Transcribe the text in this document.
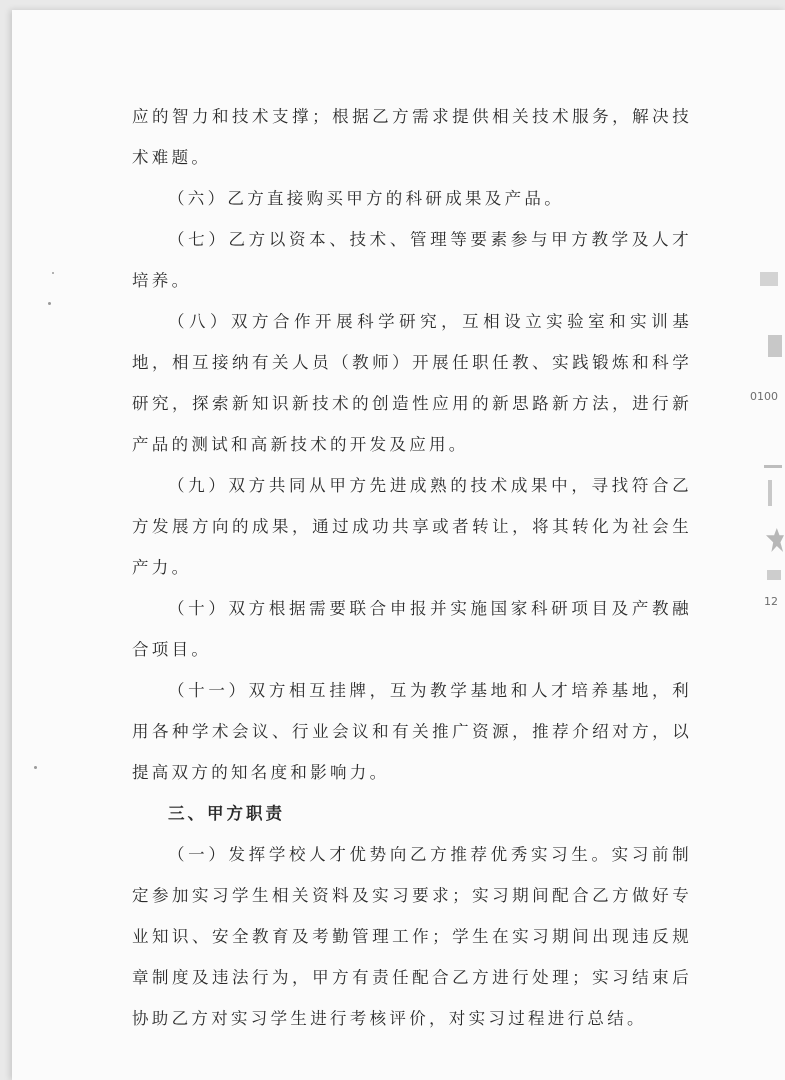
应的智力和技术支撑；根据乙方需求提供相关技术服务，解决技术难题。

（六）乙方直接购买甲方的科研成果及产品。

（七）乙方以资本、技术、管理等要素参与甲方教学及人才培养。

（八）双方合作开展科学研究，互相设立实验室和实训基地，相互接纳有关人员（教师）开展任职任教、实践锻炼和科学研究，探索新知识新技术的创造性应用的新思路新方法，进行新产品的测试和高新技术的开发及应用。

（九）双方共同从甲方先进成熟的技术成果中，寻找符合乙方发展方向的成果，通过成功共享或者转让，将其转化为社会生产力。

（十）双方根据需要联合申报并实施国家科研项目及产教融合项目。

（十一）双方相互挂牌，互为教学基地和人才培养基地，利用各种学术会议、行业会议和有关推广资源，推荐介绍对方，以提高双方的知名度和影响力。

三、甲方职责

（一）发挥学校人才优势向乙方推荐优秀实习生。实习前制定参加实习学生相关资料及实习要求；实习期间配合乙方做好专业知识、安全教育及考勤管理工作；学生在实习期间出现违反规章制度及违法行为，甲方有责任配合乙方进行处理；实习结束后协助乙方对实习学生进行考核评价，对实习过程进行总结。

0100
12
